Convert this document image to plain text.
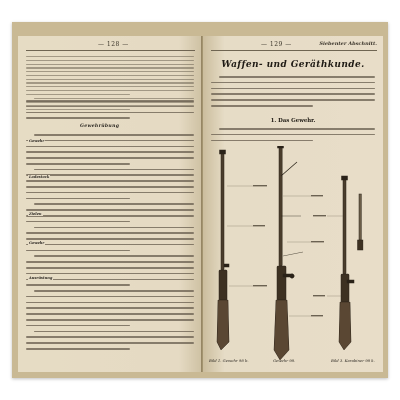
— 128 —
Gewehrübung
Gewehr
Ladestock
Zielen
Gewehr
Ausrüstung
— 129 —	Siebenter Abschnitt.
Waffen- und Geräthkunde.
1. Das Gewehr.
Bild 1. Gewehr 98 b.	Gewehr 98.	Bild 3. Karabiner 98 k.
